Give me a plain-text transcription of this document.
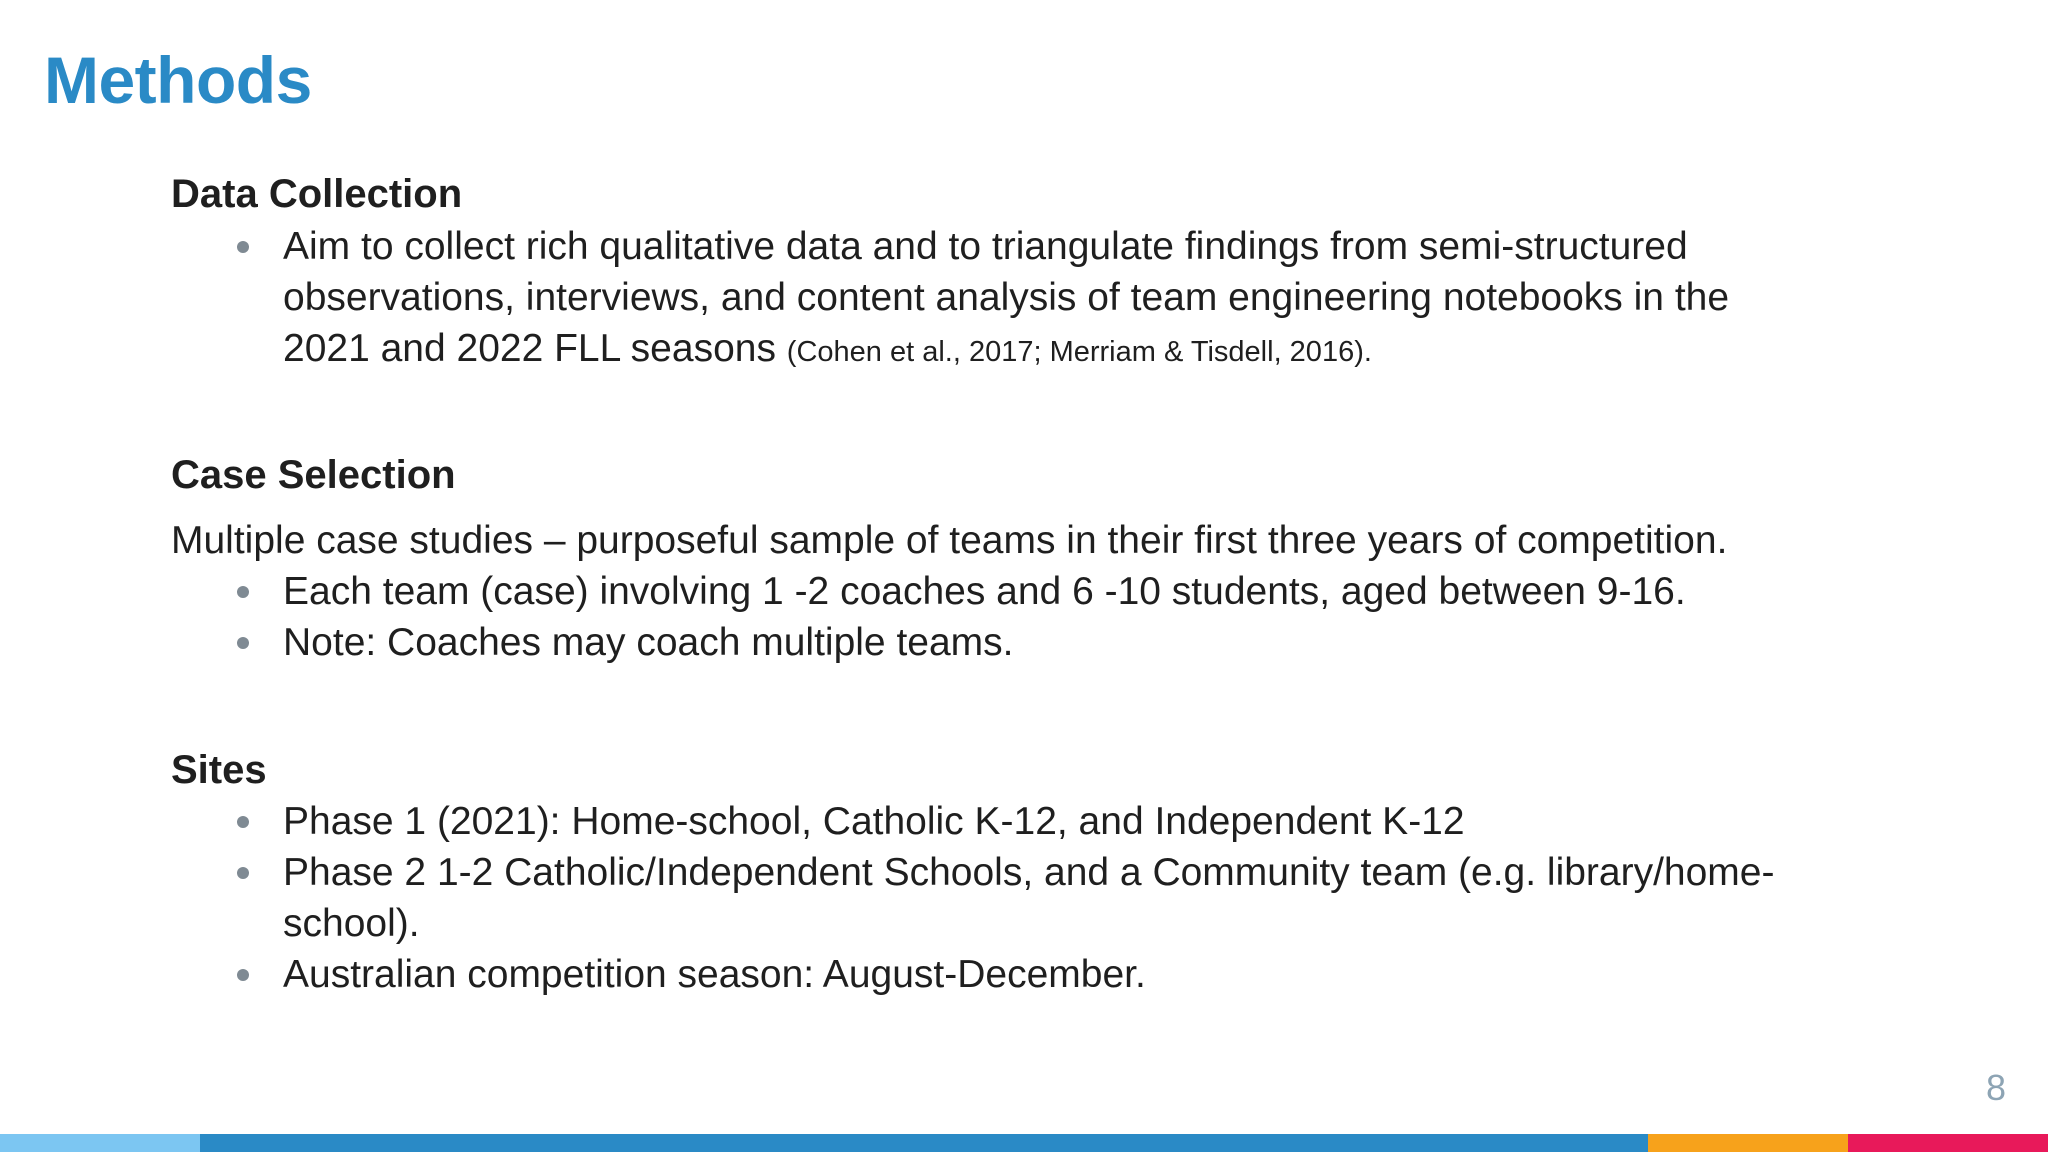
Methods
Data Collection
Aim to collect rich qualitative data and to triangulate findings from semi-structured
observations, interviews, and content analysis of team engineering notebooks in the
2021 and 2022 FLL seasons (Cohen et al., 2017; Merriam & Tisdell, 2016).
Case Selection

Multiple case studies – purposeful sample of teams in their first three years of competition.

Each team (case) involving 1 -2 coaches and 6 -10 students, aged between 9-16.
Note: Coaches may coach multiple teams.
Sites
Phase 1 (2021): Home-school, Catholic K-12, and Independent K-12
Phase 2 1-2 Catholic/Independent Schools, and a Community team (e.g. library/home-
school).
Australian competition season: August-December.
8
